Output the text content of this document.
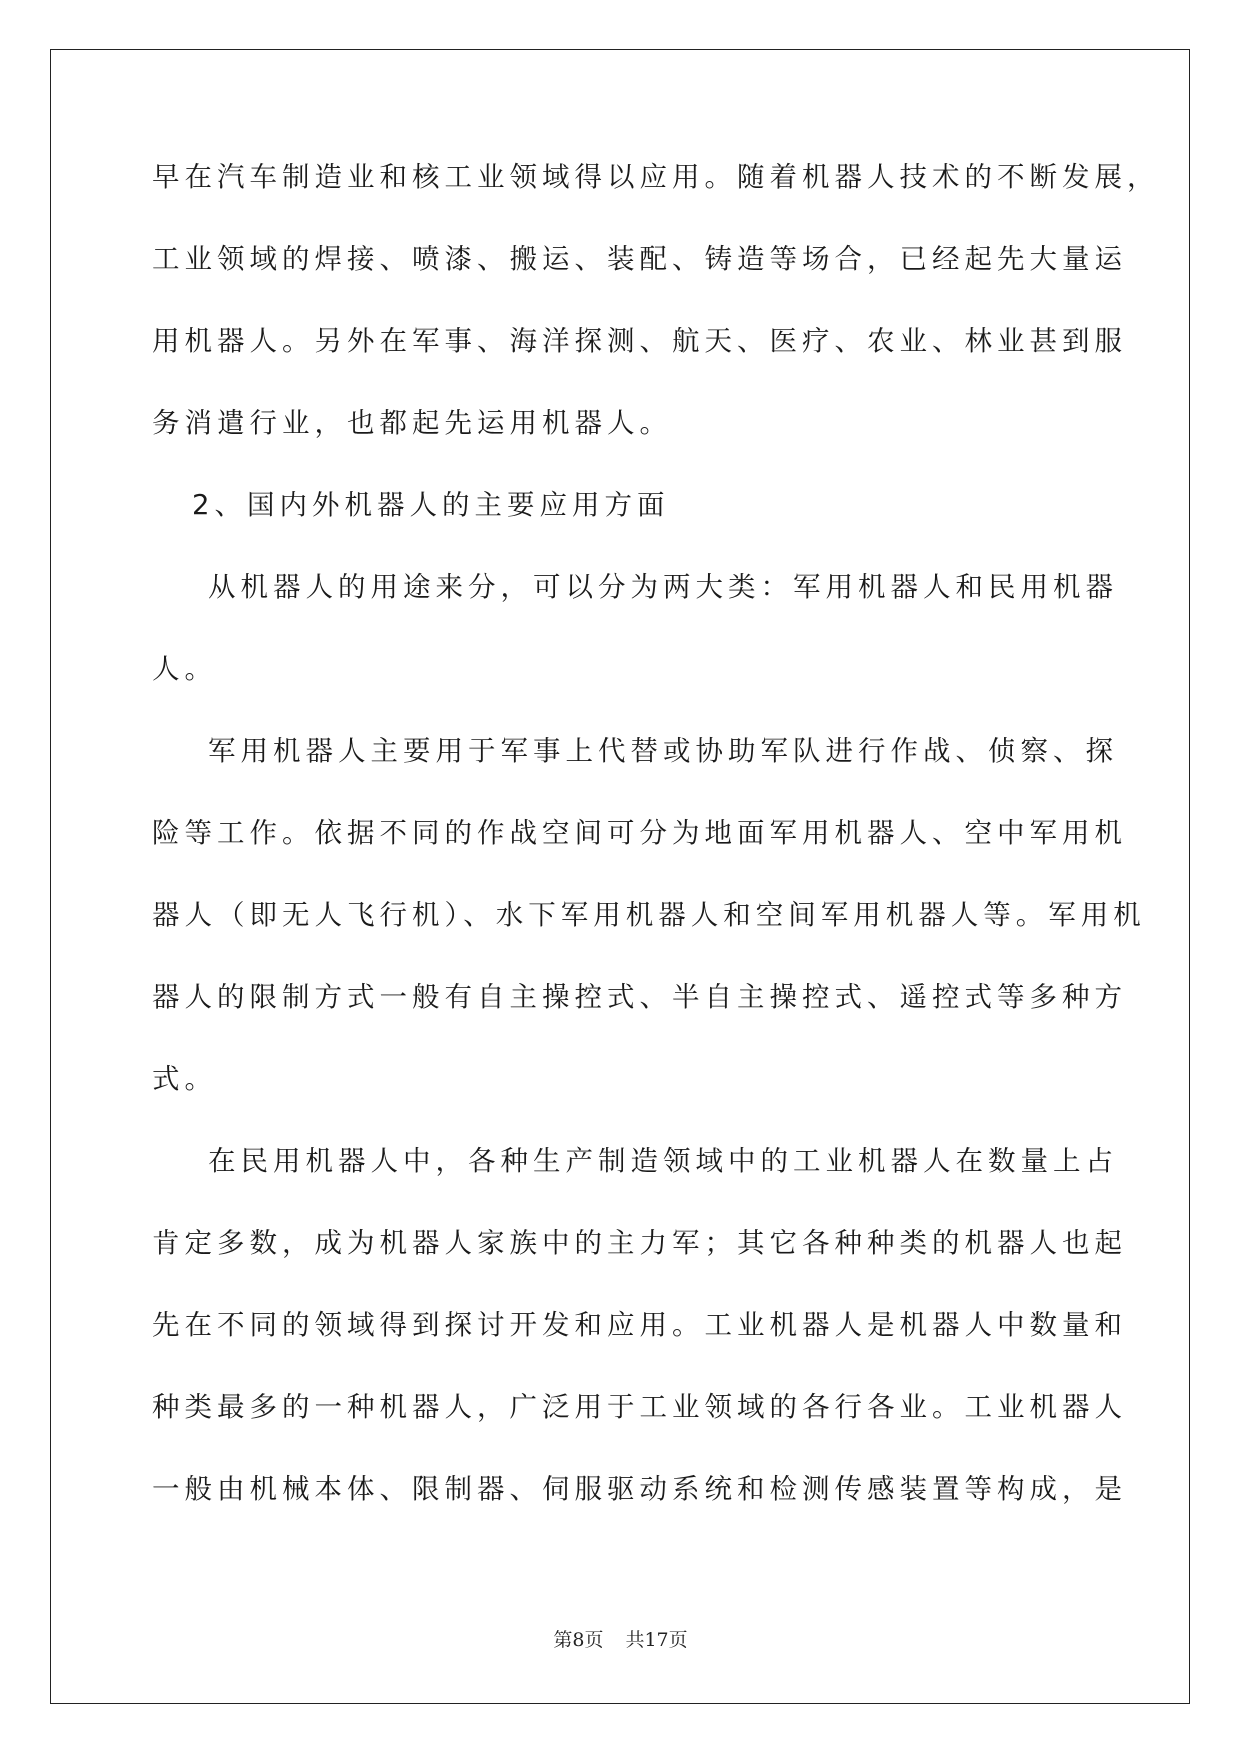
早在汽车制造业和核工业领域得以应用。随着机器人技术的不断发展，
工业领域的焊接、喷漆、搬运、装配、铸造等场合，已经起先大量运
用机器人。另外在军事、海洋探测、航天、医疗、农业、林业甚到服
务消遣行业，也都起先运用机器人。
2、国内外机器人的主要应用方面
从机器人的用途来分，可以分为两大类：军用机器人和民用机器
人。
军用机器人主要用于军事上代替或协助军队进行作战、侦察、探
险等工作。依据不同的作战空间可分为地面军用机器人、空中军用机
器人（即无人飞行机）、水下军用机器人和空间军用机器人等。军用机
器人的限制方式一般有自主操控式、半自主操控式、遥控式等多种方
式。
在民用机器人中，各种生产制造领域中的工业机器人在数量上占
肯定多数，成为机器人家族中的主力军；其它各种种类的机器人也起
先在不同的领域得到探讨开发和应用。工业机器人是机器人中数量和
种类最多的一种机器人，广泛用于工业领域的各行各业。工业机器人
一般由机械本体、限制器、伺服驱动系统和检测传感装置等构成，是
第8页 共17页
